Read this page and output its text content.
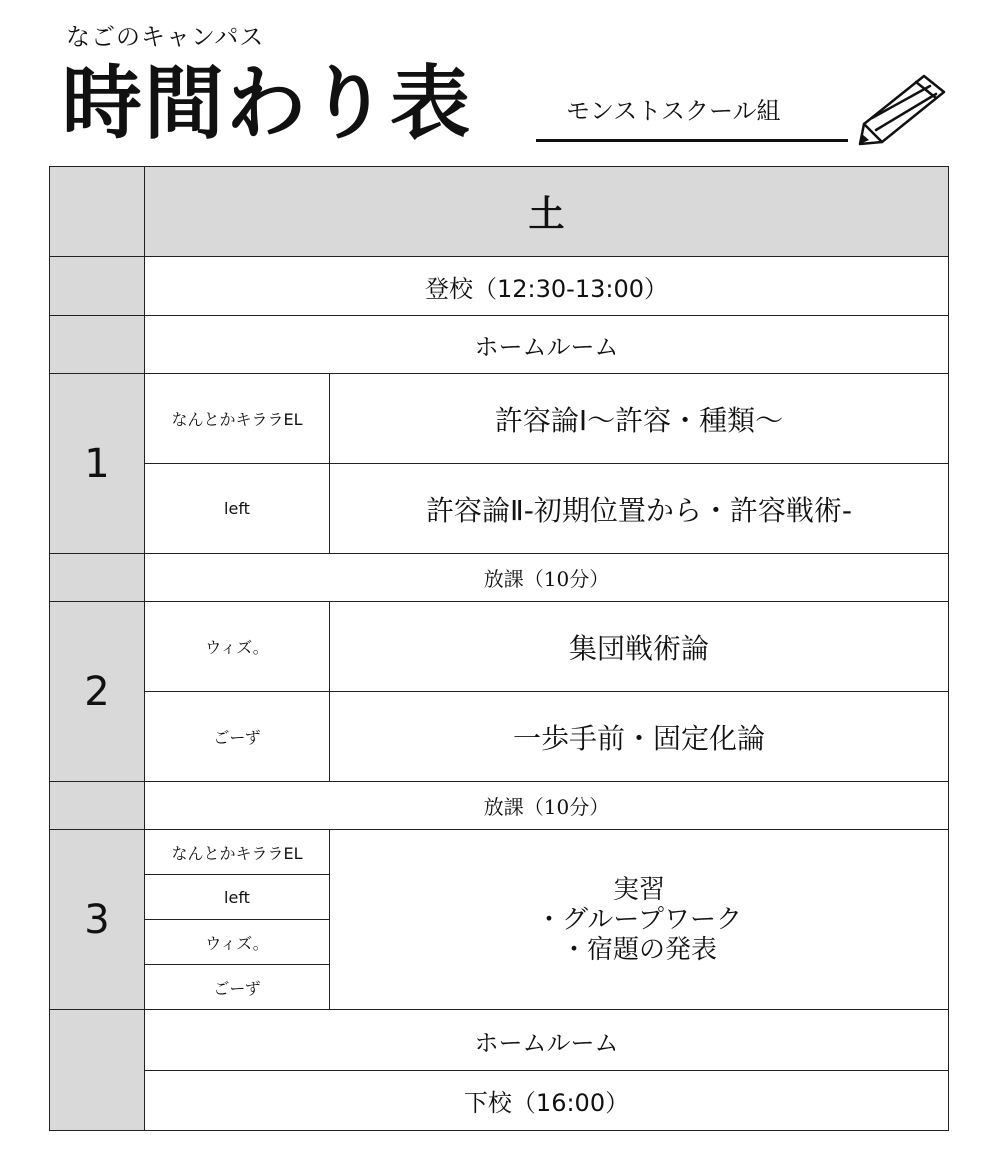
なごのキャンパス
時間わり表	モンストスクール組
	土	
	登校（12:30-13:00）	
	ホームルーム	
1	なんとかキララEL	許容論Ⅰ～許容・種類～
	left	許容論Ⅱ-初期位置から・許容戦術-
	放課（10分）	
2	ウィズ。	集団戦術論
	ごーず	一歩手前・固定化論
	放課（10分）	
3	なんとかキララEL	実習
・グループワーク
・宿題の発表

	left	
	ウィズ。	
	ごーず	
	ホームルーム	
	下校（16:00）	
